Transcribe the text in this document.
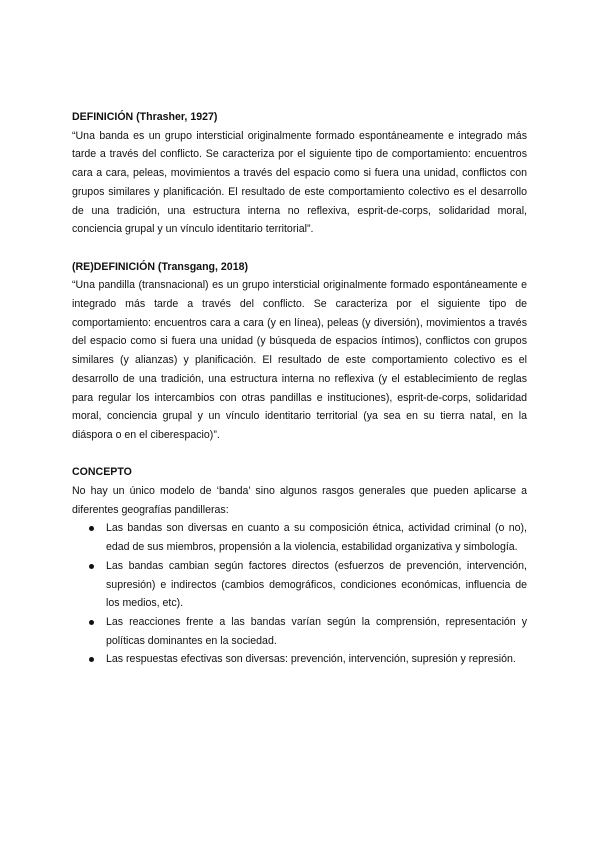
DEFINICIÓN (Thrasher, 1927)

“Una banda es un grupo intersticial originalmente formado espontáneamente e integrado más tarde a través del conflicto. Se caracteriza por el siguiente tipo de comportamiento: encuentros cara a cara, peleas, movimientos a través del espacio como si fuera una unidad, conflictos con grupos similares y planificación. El resultado de este comportamiento colectivo es el desarrollo de una tradición, una estructura interna no reflexiva, esprit-de-corps, solidaridad moral, conciencia grupal y un vínculo identitario territorial”.

(RE)DEFINICIÓN (Transgang, 2018)

“Una pandilla (transnacional) es un grupo intersticial originalmente formado espontáneamente e integrado más tarde a través del conflicto. Se caracteriza por el siguiente tipo de comportamiento: encuentros cara a cara (y en línea), peleas (y diversión), movimientos a través del espacio como si fuera una unidad (y búsqueda de espacios íntimos), conflictos con grupos similares (y alianzas) y planificación. El resultado de este comportamiento colectivo es el desarrollo de una tradición, una estructura interna no reflexiva (y el establecimiento de reglas para regular los intercambios con otras pandillas e instituciones), esprit-de-corps, solidaridad moral, conciencia grupal y un vínculo identitario territorial (ya sea en su tierra natal, en la diáspora o en el ciberespacio)”.

CONCEPTO

No hay un único modelo de ‘banda’ sino algunos rasgos generales que pueden aplicarse a diferentes geografías pandilleras:

Las bandas son diversas en cuanto a su composición étnica, actividad criminal (o no), edad de sus miembros, propensión a la violencia, estabilidad organizativa y simbología.
Las bandas cambian según factores directos (esfuerzos de prevención, intervención, supresión) e indirectos (cambios demográficos, condiciones económicas, influencia de los medios, etc).
Las reacciones frente a las bandas varían según la comprensión, representación y políticas dominantes en la sociedad.
Las respuestas efectivas son diversas: prevención, intervención, supresión y represión.
